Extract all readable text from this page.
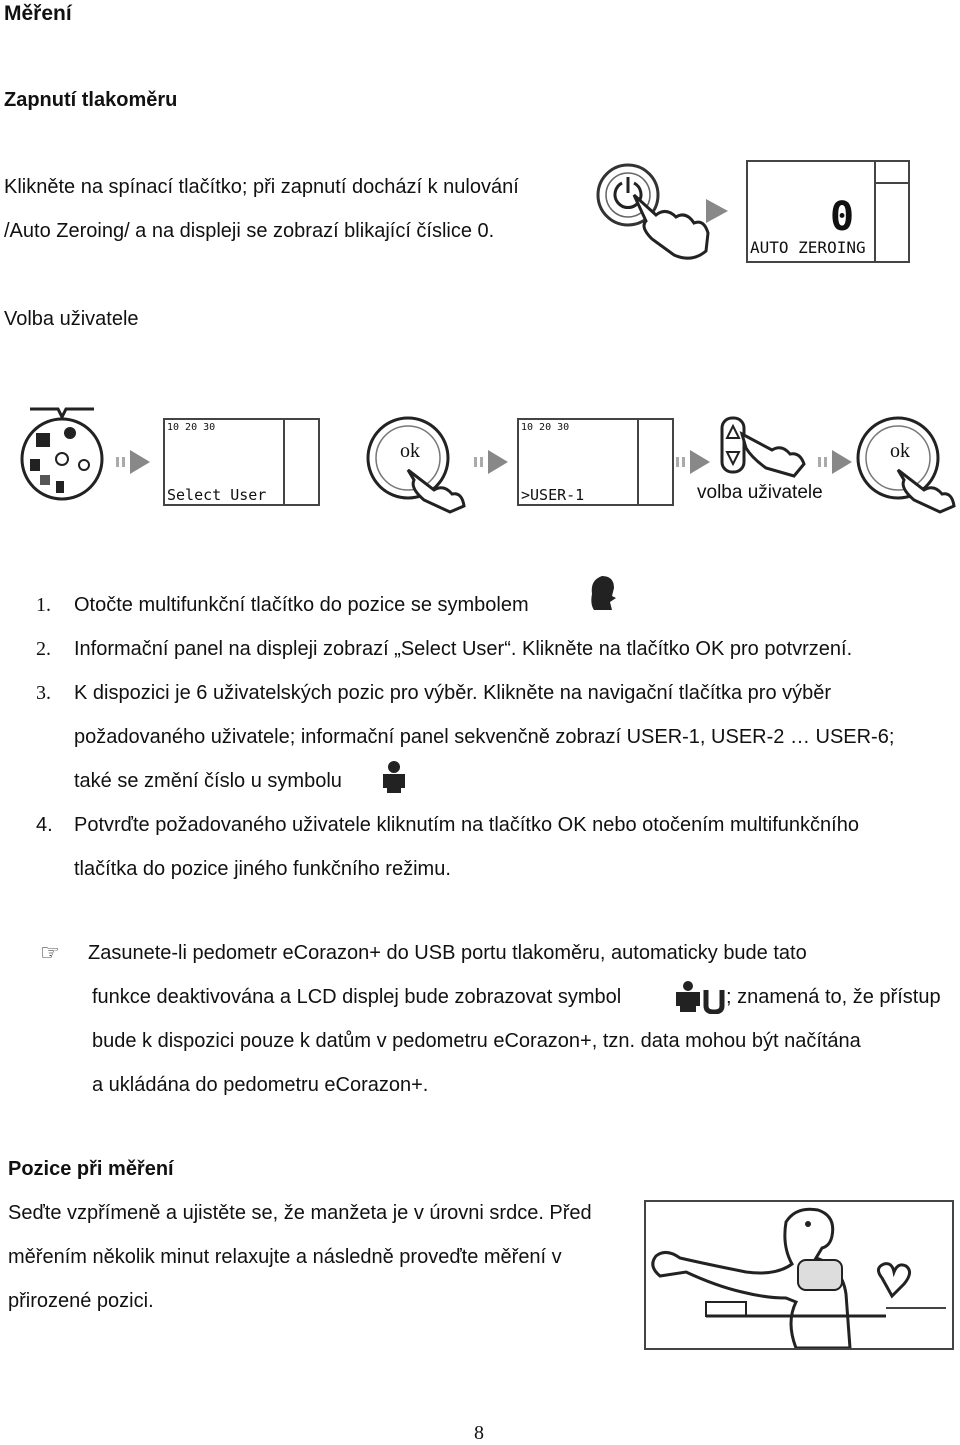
Měření
Zapnutí tlakoměru
Klikněte na spínací tlačítko; při zapnutí dochází k nulování
/Auto Zeroing/ a na displeji se zobrazí blikající číslice 0.	0
AUTO ZEROING
Volba uživatele
10 20 30
Select User
ok
10 20 30
>USER-1	volba uživatele
ok
1. Otočte multifunkční tlačítko do pozice se symbolem
2. Informační panel na displeji zobrazí „Select User“. Klikněte na tlačítko OK pro potvrzení.
3. K dispozici je 6 uživatelských pozic pro výběr. Klikněte na navigační tlačítka pro výběr
požadovaného uživatele; informační panel sekvenčně zobrazí USER-1, USER-2 … USER-6;
také se změní číslo u symbolu
4. Potvrďte požadovaného uživatele kliknutím na tlačítko OK nebo otočením multifunkčního
tlačítka do pozice jiného funkčního režimu.
☞ Zasunete-li pedometr eCorazon+ do USB portu tlakoměru, automaticky bude tato
funkce deaktivována a LCD displej bude zobrazovat symbol	; znamená to, že přístup
bude k dispozici pouze k datům v pedometru eCorazon+, tzn. data mohou být načítána
a ukládána do pedometru eCorazon+.
Pozice při měření
Seďte vzpřímeně a ujistěte se, že manžeta je v úrovni srdce. Před
měřením několik minut relaxujte a následně proveďte měření v
přirozené pozici.
8
